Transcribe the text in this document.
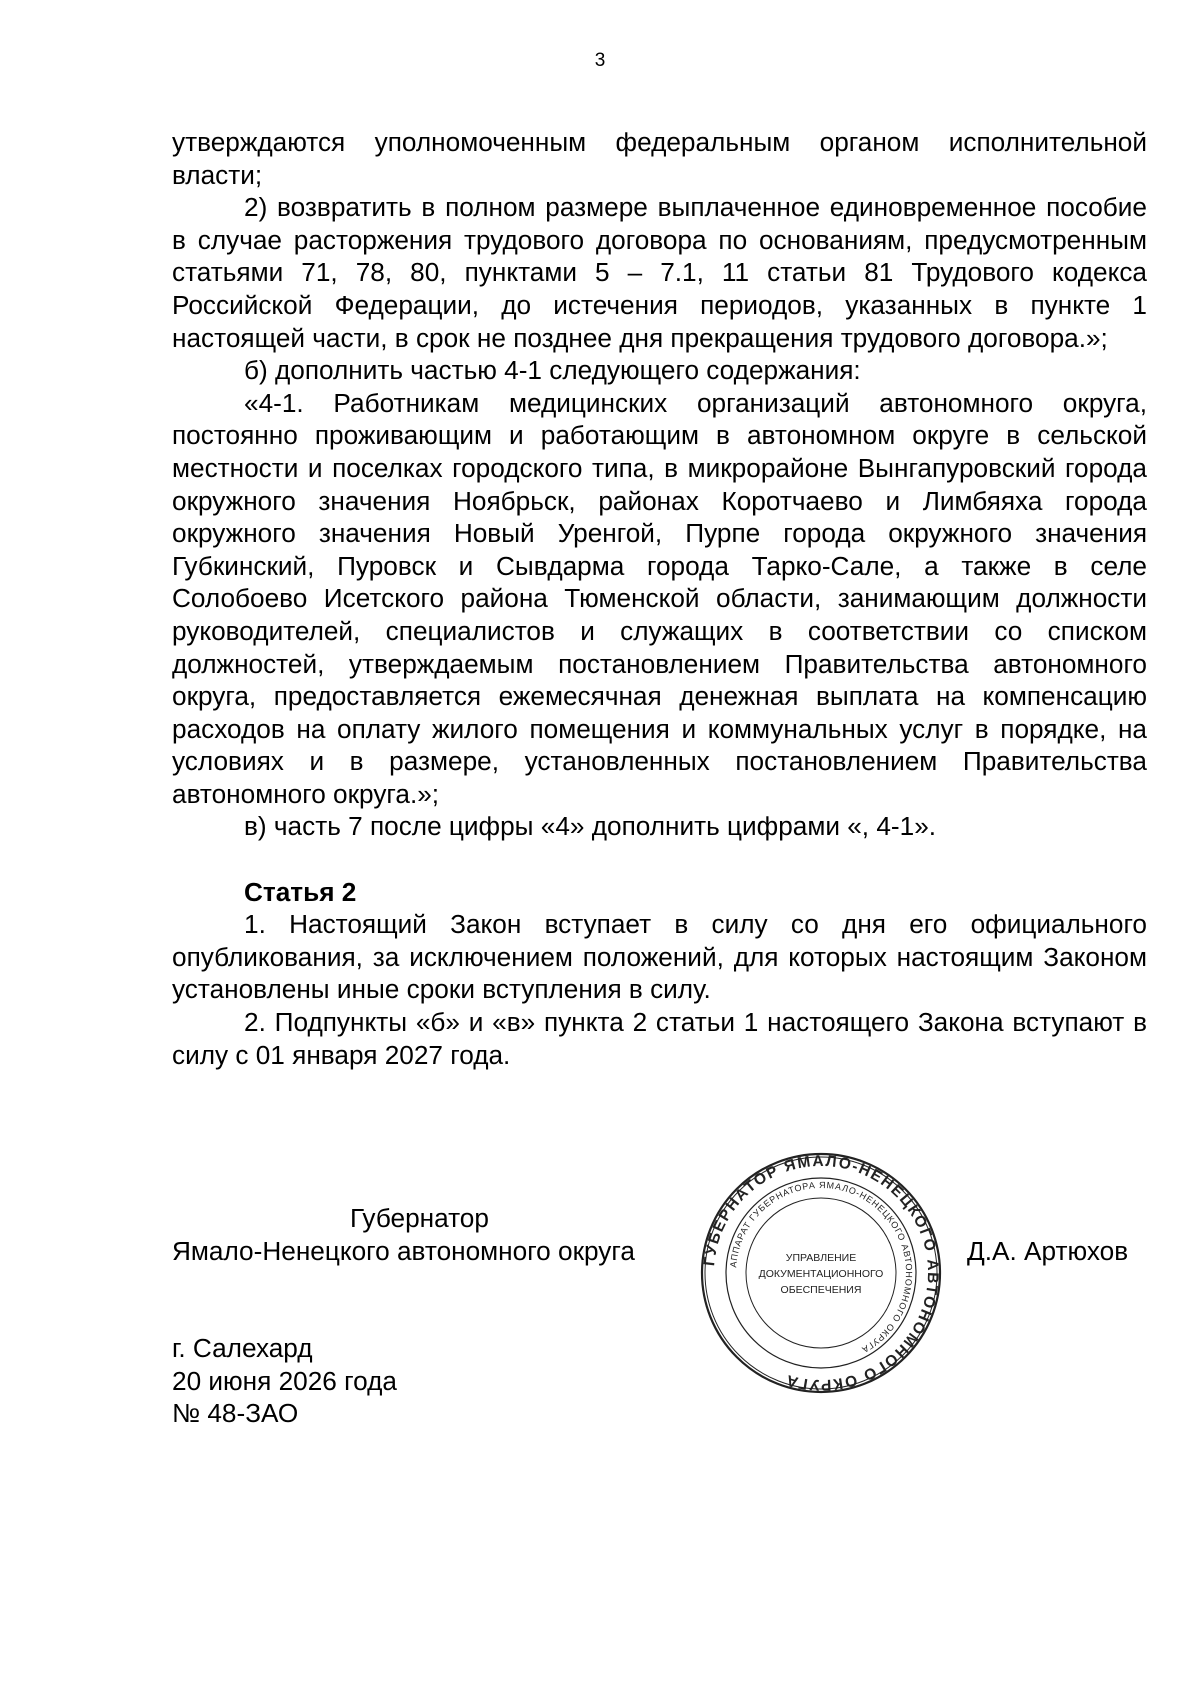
3

утверждаются уполномоченным федеральным органом исполнительной власти;

2) возвратить в полном размере выплаченное единовременное пособие в случае расторжения трудового договора по основаниям, предусмотренным статьями 71, 78, 80, пунктами 5 – 7.1, 11 статьи 81 Трудового кодекса Российской Федерации, до истечения периодов, указанных в пункте 1 настоящей части, в срок не позднее дня прекращения трудового договора.»;

б) дополнить частью 4-1 следующего содержания:

«4-1. Работникам медицинских организаций автономного округа, постоянно проживающим и работающим в автономном округе в сельской местности и поселках городского типа, в микрорайоне Вынгапуровский города окружного значения Ноябрьск, районах Коротчаево и Лимбяяха города окружного значения Новый Уренгой, Пурпе города окружного значения Губкинский, Пуровск и Сывдарма города Тарко-Сале, а также в селе Солобоево Исетского района Тюменской области, занимающим должности руководителей, специалистов и служащих в соответствии со списком должностей, утверждаемым постановлением Правительства автономного округа, предоставляется ежемесячная денежная выплата на компенсацию расходов на оплату жилого помещения и коммунальных услуг в порядке, на условиях и в размере, установленных постановлением Правительства автономного округа.»;

в) часть 7 после цифры «4» дополнить цифрами «, 4-1».

Статья 2

1. Настоящий Закон вступает в силу со дня его официального опубликования, за исключением положений, для которых настоящим Законом установлены иные сроки вступления в силу.

2. Подпункты «б» и «в» пункта 2 статьи 1 настоящего Закона вступают в силу с 01 января 2027 года.

Губернатор
Ямало-Ненецкого автономного округа	Д.А. Артюхов
ГУБЕРНАТОР ЯМАЛО-НЕНЕЦКОГО АВТОНОМНОГО ОКРУГА
АППАРАТ ГУБЕРНАТОРА ЯМАЛО-НЕНЕЦКОГО АВТОНОМНОГО ОКРУГА
УПРАВЛЕНИЕ
ДОКУМЕНТАЦИОННОГО
ОБЕСПЕЧЕНИЯ
г. Салехард
20 июня 2026 года
№ 48-ЗАО
